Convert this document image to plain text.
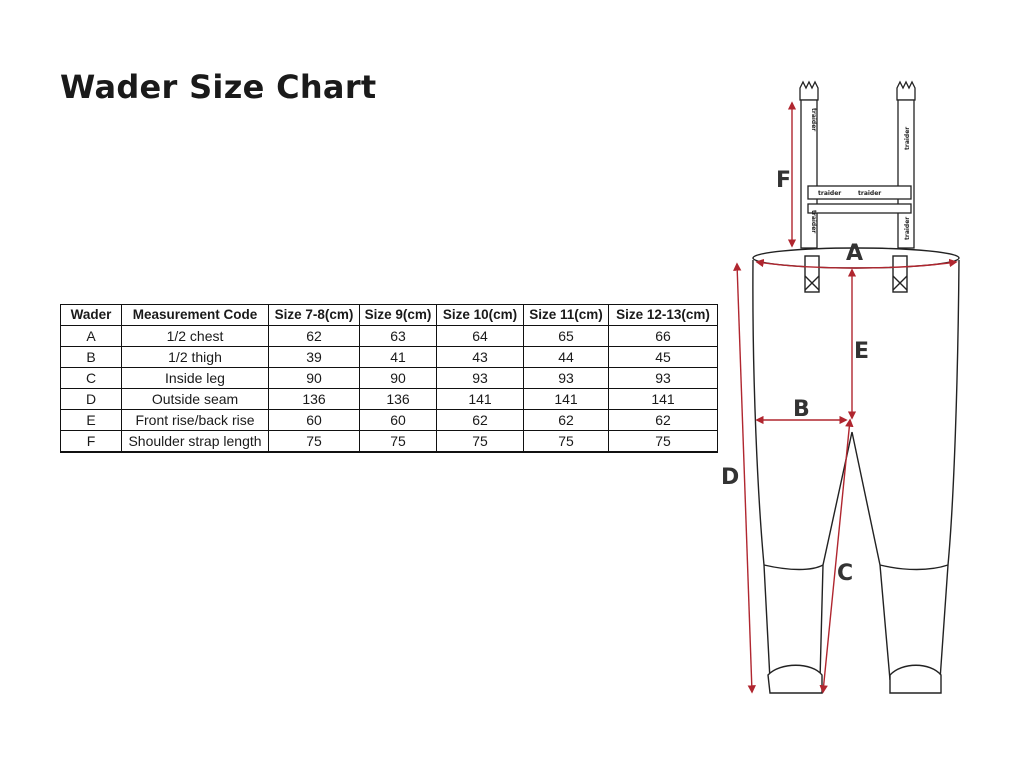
Wader Size Chart
Wader	Measurement Code	Size 7-8(cm)	Size 9(cm)	Size 10(cm)	Size 11(cm)	Size 12-13(cm)
A	1/2 chest	62	63	64	65	66
B	1/2 thigh	39	41	43	44	45
C	Inside leg	90	90	93	93	93
D	Outside seam	136	136	141	141	141
E	Front rise/back rise	60	60	62	62	62
F	Shoulder strap length	75	75	75	75	75
traider
traider
traider	traider
traider	traider
F
A
E
B
D
C
